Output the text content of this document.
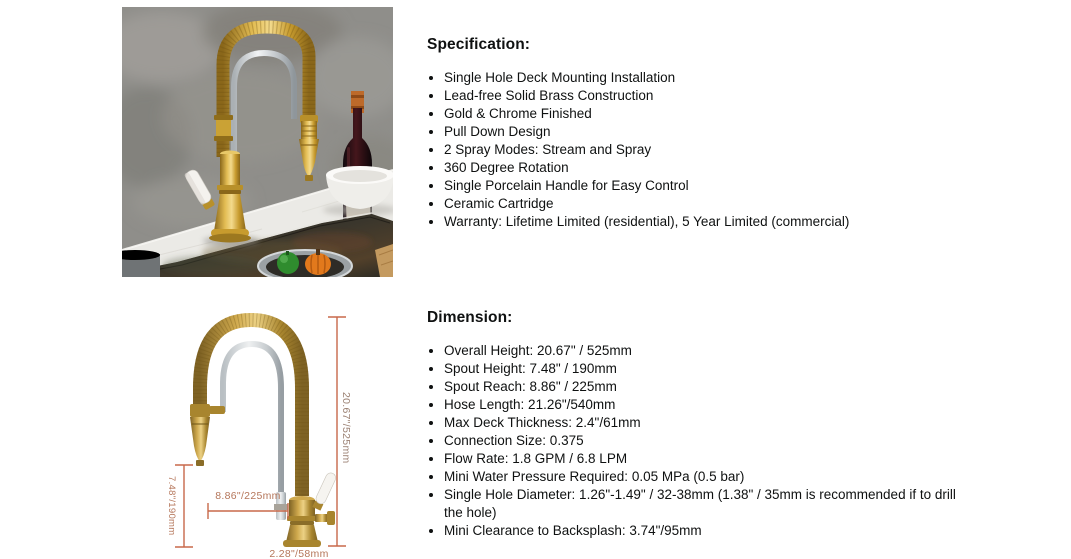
Specification:
• Single Hole Deck Mounting Installation
• Lead-free Solid Brass Construction
• Gold & Chrome Finished
• Pull Down Design
• 2 Spray Modes: Stream and Spray
• 360 Degree Rotation
• Single Porcelain Handle for Easy Control
• Ceramic Cartridge
• Warranty: Lifetime Limited (residential), 5 Year Limited (commercial)
20.67"/525mm
7.48"/190mm	8.86"/225mm
2.28"/58mm
Dimension:
• Overall Height: 20.67" / 525mm
• Spout Height: 7.48" / 190mm
• Spout Reach: 8.86" / 225mm
• Hose Length: 21.26"/540mm
• Max Deck Thickness: 2.4"/61mm
• Connection Size: 0.375
• Flow Rate: 1.8 GPM / 6.8 LPM
• Mini Water Pressure Required: 0.05 MPa (0.5 bar)
• Single Hole Diameter: 1.26"-1.49" / 32-38mm (1.38" / 35mm is recommended if to drill the hole)
• Mini Clearance to Backsplash: 3.74"/95mm
